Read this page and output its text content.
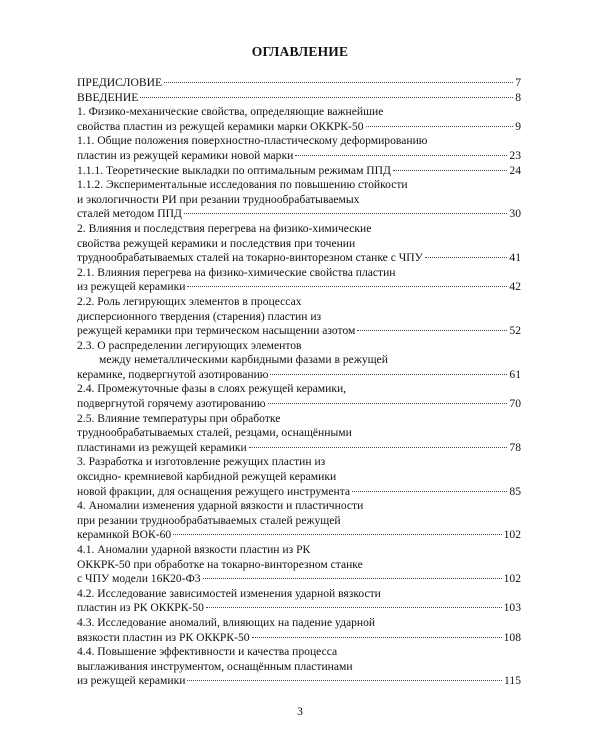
ОГЛАВЛЕНИЕ
ПРЕДИСЛОВИЕ	7
ВВЕДЕНИЕ	8
1. Физико-механические свойства, определяющие важнейшие
свойства пластин из режущей керамики марки ОККРК-50	9
1.1. Общие положения поверхностно-пластическому деформированию
пластин из режущей керамики новой марки	23
1.1.1. Теоретические выкладки по оптимальным режимам ППД	24
1.1.2. Экспериментальные исследования по повышению стойкости
и экологичности РИ при резании труднообрабатываемых
сталей методом ППД	30
2. Влияния и последствия перегрева на физико-химические
свойства режущей керамики и последствия при точении
труднообрабатываемых сталей на токарно-винторезном станке с ЧПУ	41
2.1. Влияния перегрева на физико-химические свойства пластин
из режущей керамики	42
2.2. Роль легирующих элементов в процессах
дисперсионного твердения (старения) пластин из
режущей керамики при термическом насыщении азотом	52
2.3. О распределении легирующих элементов
между неметаллическими карбидными фазами в режущей
керамике, подвергнутой азотированию	61
2.4. Промежуточные фазы в слоях режущей керамики,
подвергнутой горячему азотированию	70
2.5. Влияние температуры при обработке
труднообрабатываемых сталей, резцами, оснащёнными
пластинами из режущей керамики	78
3. Разработка и изготовление режущих пластин из
оксидно- кремниевой карбидной режущей керамики
новой фракции, для оснащения режущего инструмента	85
4. Аномалии изменения ударной вязкости и пластичности
при резании труднообрабатываемых сталей режущей
керамикой ВОК-60	102
4.1. Аномалии ударной вязкости пластин из РК
ОККРК-50 при обработке на токарно-винторезном станке
с ЧПУ модели 16К20-Ф3	102
4.2. Исследование зависимостей изменения ударной вязкости
пластин из РК ОККРК-50	103
4.3. Исследование аномалий, влияющих на падение ударной
вязкости пластин из РК ОККРК-50	108
4.4. Повышение эффективности и качества процесса
выглаживания инструментом, оснащённым пластинами
из режущей керамики	115
3
